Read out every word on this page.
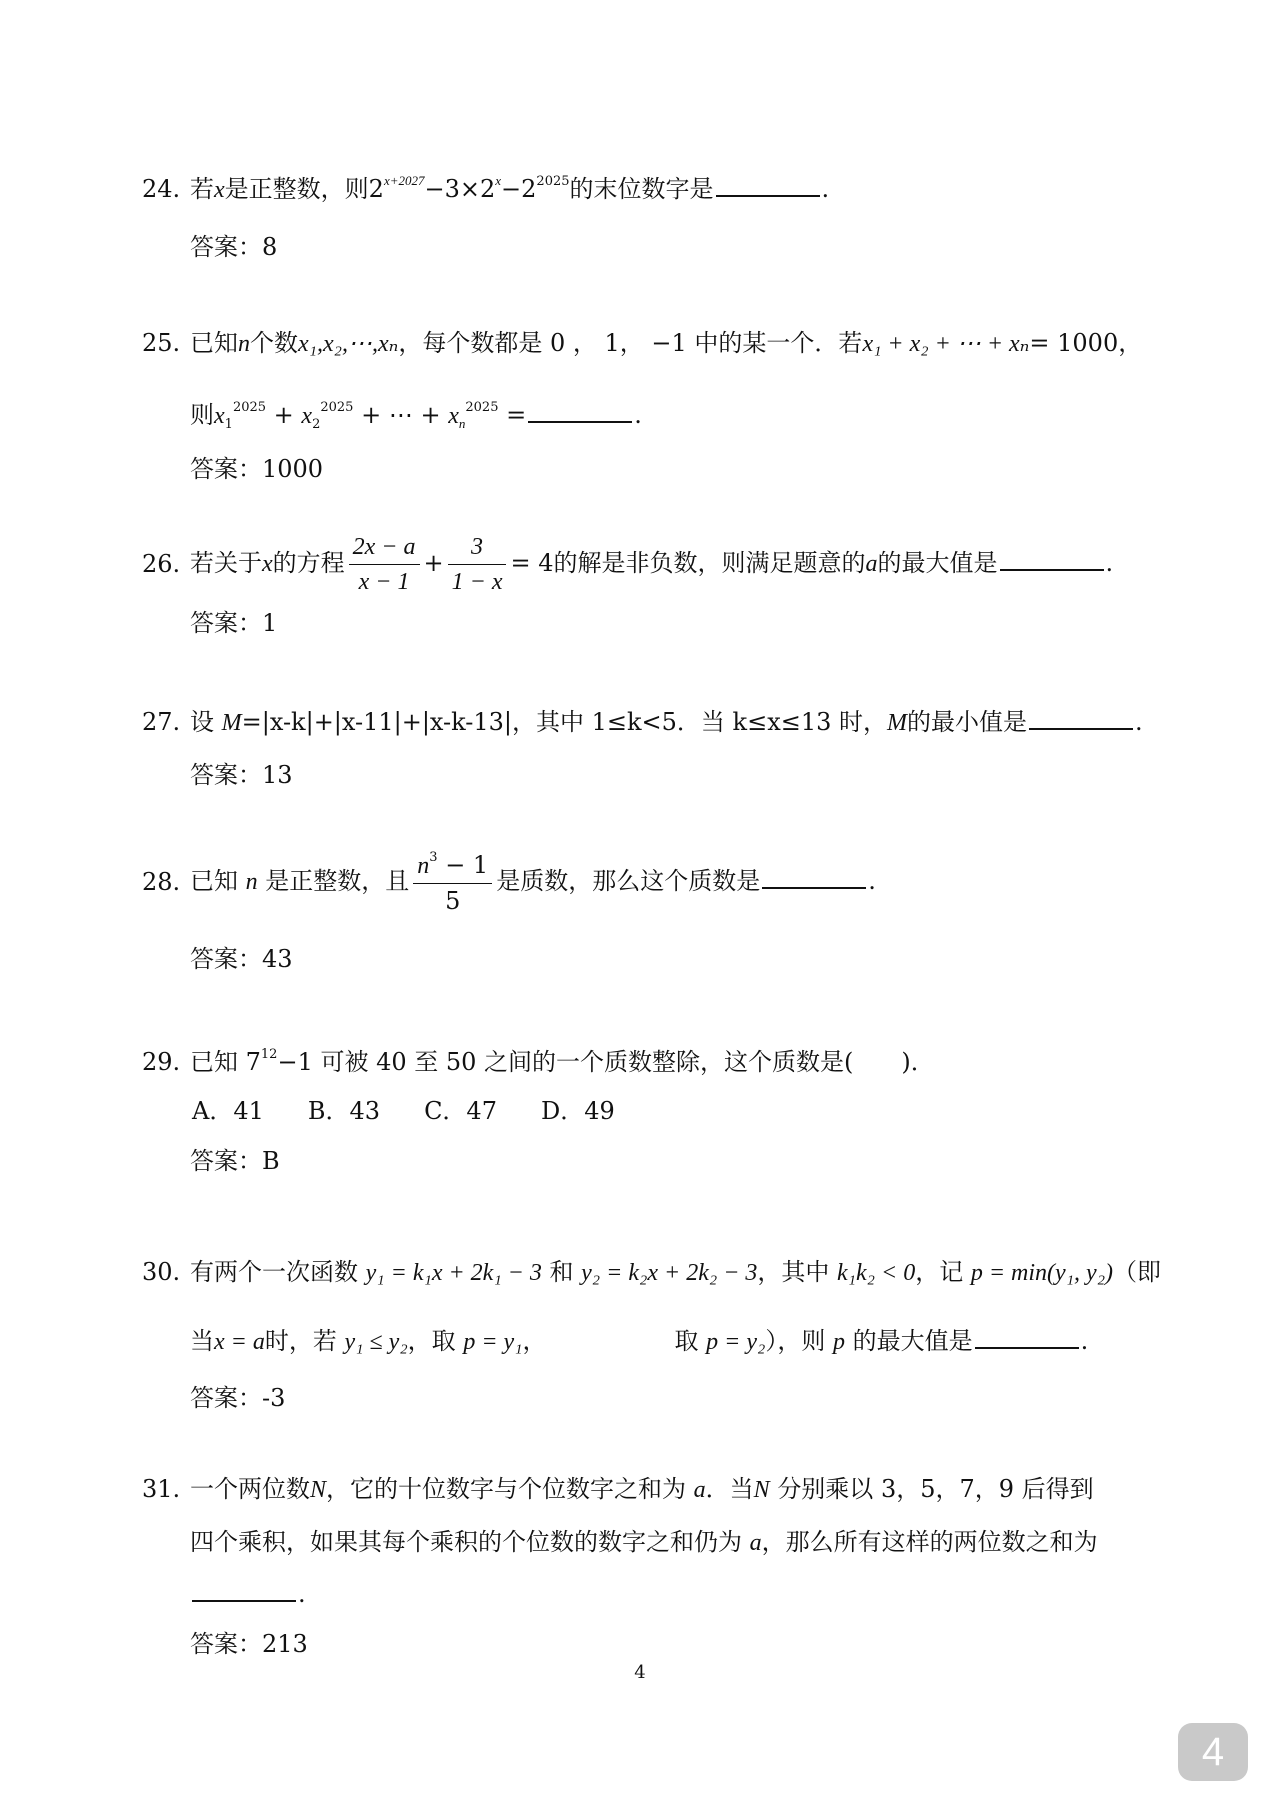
24. 若x是正整数，则$2^{x+2027}-3\times 2^x-2^{2025}$的末位数字是	.
答案：8
25. 已知n个数x₁,x₂,⋯,xₙ，每个数都是 0 ， 1， −1 中的某一个．若x₁ + x₂ + ⋯ + xₙ= 1000，
则$x_1^{2025} + x_2^{2025}$ + ⋯ + $x_n^{2025}$ =	.
答案：1000
26. 若关于x的方程 $\frac{2x - a}{x - 1} + \frac{3}{1 - x} = 4$的解是非负数，则满足题意的a的最大值是	.
答案：1
27. 设 M=|x-k|+|x-11|+|x-k-13|，其中 1≤k<5．当 k≤x≤13 时，M的最小值是	.
答案：13
28. 已知 n 是正整数，且 $\frac{n^3 - 1}{5}$ 是质数，那么这个质数是	.
答案：43
29. 已知 $7^{12}-1$ 可被 40 至 50 之间的一个质数整除，这个质数是(　　)．
A．41 B．43 C．47 D．49
答案：B
30. 有两个一次函数 y₁ = k₁x + 2k₁ − 3 和 y₂ = k₂x + 2k₂ − 3，其中 k₁k₂ < 0，记 p = min(y₁, y₂)（即
当x = a时，若 y₁ ≤ y₂，取 p = y₁，	取 p = y₂），则 p 的最大值是	.
答案：-3
31. 一个两位数N，它的十位数字与个位数字之和为 a．当N 分别乘以 3，5，7，9 后得到
四个乘积，如果其每个乘积的个位数的数字之和仍为 a，那么所有这样的两位数之和为
.
答案：213
4
4
